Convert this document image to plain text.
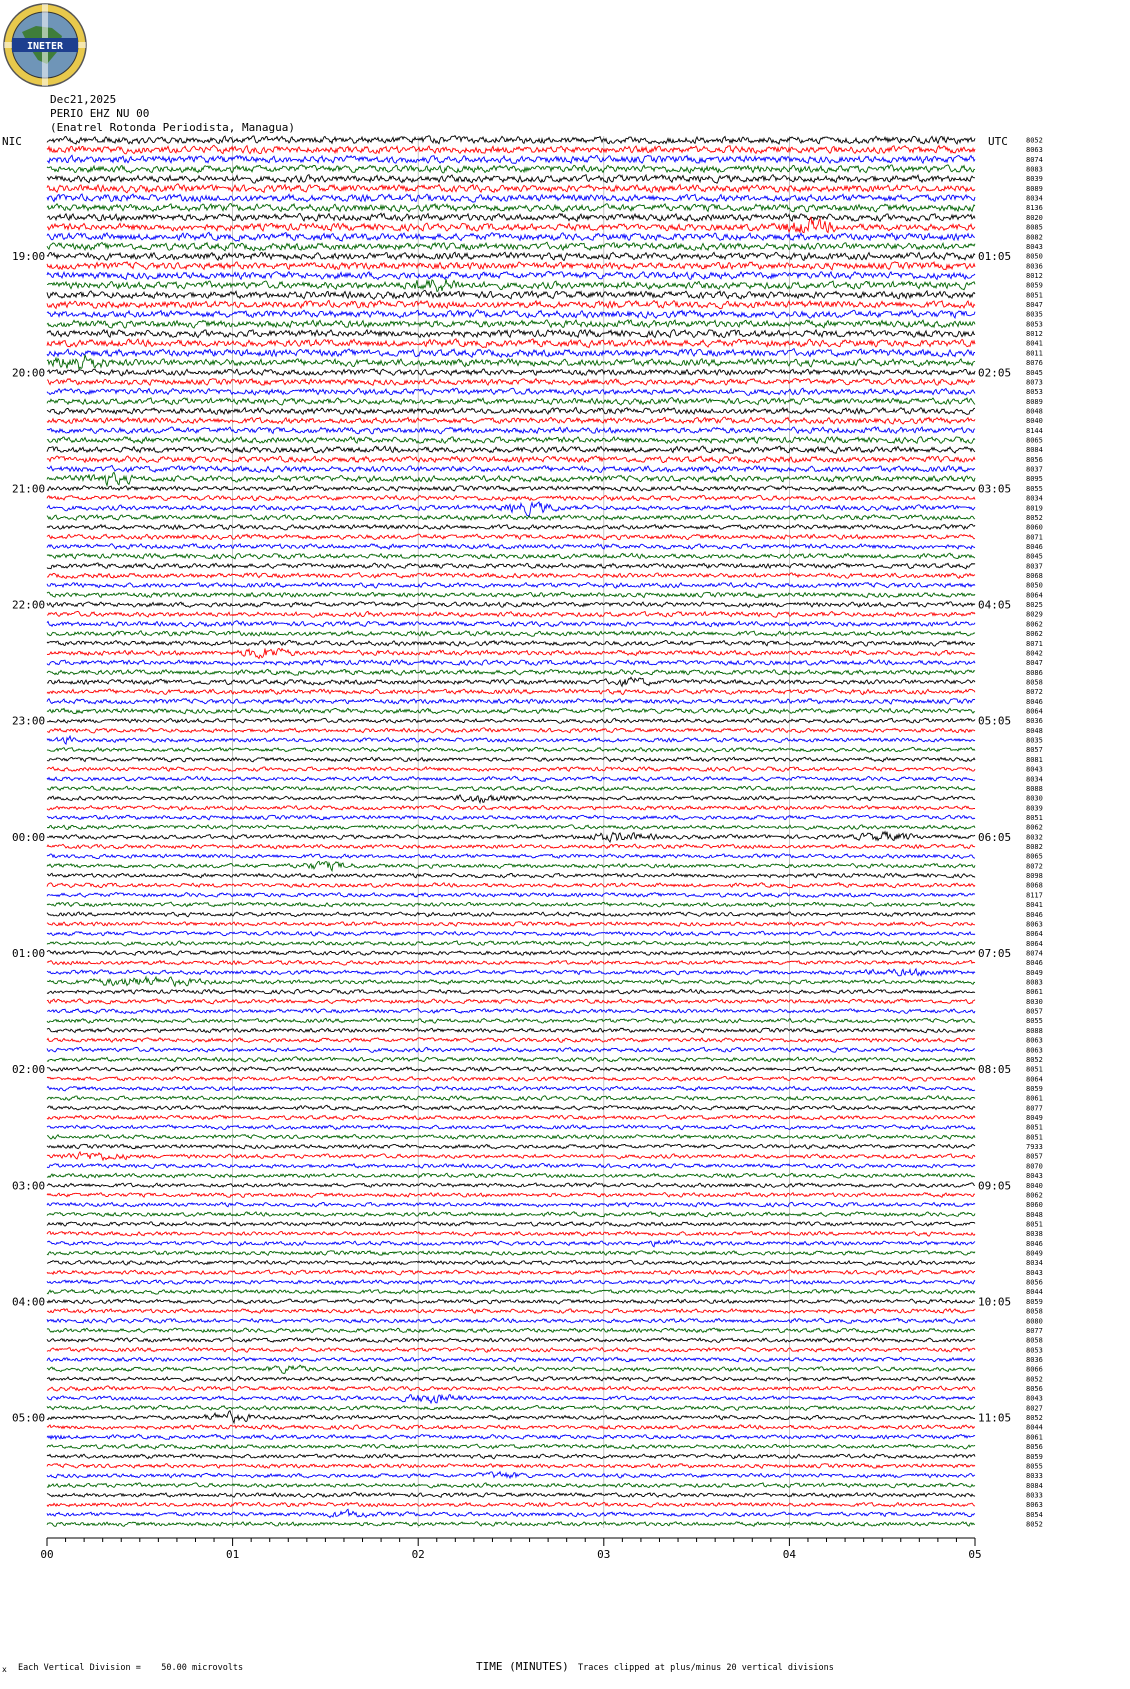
INETER
Dec21,2025
PERIO EHZ NU 00
(Enatrel Rotonda Periodista, Managua)
NIC	UTC
19:00
20:00
21:00
22:00
23:00
00:00
01:00
02:00
03:00
04:00
05:00
01:05
02:05
03:05
04:05
05:05
06:05
07:05
08:05
09:05
10:05
11:05
8052
8063
8074
8083
8039
8089
8034
8136
8020
8085
8082
8043
8050
8036
8012
8059
8051
8047
8035
8053
8012
8041
8011
8076
8045
8073
8053
8089
8048
8040
8144
8065
8084
8056
8037
8095
8055
8034
8019
8052
8060
8071
8046
8045
8037
8068
8050
8064
8025
8029
8062
8062
8071
8042
8047
8086
8058
8072
8046
8064
8036
8048
8035
8057
8081
8043
8034
8088
8030
8039
8051
8062
8032
8082
8065
8072
8098
8068
8117
8041
8046
8063
8064
8064
8074
8046
8049
8083
8061
8030
8057
8055
8088
8063
8063
8052
8051
8064
8059
8061
8077
8049
8051
8051
7933
8057
8070
8043
8040
8062
8060
8048
8051
8038
8046
8049
8034
8043
8056
8044
8059
8058
8080
8077
8058
8053
8036
8066
8052
8056
8043
8027
8052
8044
8061
8056
8059
8055
8033
8084
8033
8063
8054
8052
00	01	02	03	04	05
x Each Vertical Division =    50.00 microvolts	TIME (MINUTES) Traces clipped at plus/minus 20 vertical divisions
